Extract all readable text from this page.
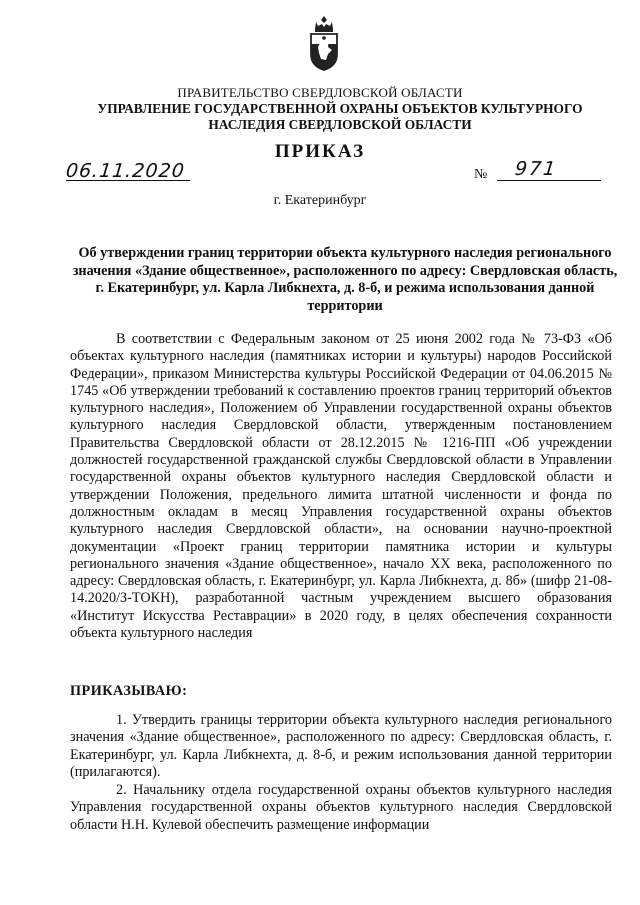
ПРАВИТЕЛЬСТВО СВЕРДЛОВСКОЙ ОБЛАСТИ
УПРАВЛЕНИЕ ГОСУДАРСТВЕННОЙ ОХРАНЫ ОБЪЕКТОВ КУЛЬТУРНОГО НАСЛЕДИЯ СВЕРДЛОВСКОЙ ОБЛАСТИ
ПРИКАЗ
06.11.2020	№ 971
г. Екатеринбург
Об утверждении границ территории объекта культурного наследия регионального значения «Здание общественное», расположенного по адресу: Свердловская область, г. Екатеринбург, ул. Карла Либкнехта, д. 8-б, и режима использования данной территории
В соответствии с Федеральным законом от 25 июня 2002 года № 73-ФЗ «Об объектах культурного наследия (памятниках истории и культуры) народов Российской Федерации», приказом Министерства культуры Российской Федерации от 04.06.2015 № 1745 «Об утверждении требований к составлению проектов границ территорий объектов культурного наследия», Положением об Управлении государственной охраны объектов культурного наследия Свердловской области, утвержденным постановлением Правительства Свердловской области от 28.12.2015 № 1216-ПП «Об учреждении должностей государственной гражданской службы Свердловской области в Управлении государственной охраны объектов культурного наследия Свердловской области и утверждении Положения, предельного лимита штатной численности и фонда по должностным окладам в месяц Управления государственной охраны объектов культурного наследия Свердловской области», на основании научно-проектной документации «Проект границ территории памятника истории и культуры регионального значения «Здание общественное», начало XX века, расположенного по адресу: Свердловская область, г. Екатеринбург, ул. Карла Либкнехта, д. 8б» (шифр 21-08-14.2020/З-ТОКН), разработанной частным учреждением высшего образования «Институт Искусства Реставрации» в 2020 году, в целях обеспечения сохранности объекта культурного наследия
ПРИКАЗЫВАЮ:
1. Утвердить границы территории объекта культурного наследия регионального значения «Здание общественное», расположенного по адресу: Свердловская область, г. Екатеринбург, ул. Карла Либкнехта, д. 8-б, и режим использования данной территории (прилагаются).
2. Начальнику отдела государственной охраны объектов культурного наследия Управления государственной охраны объектов культурного наследия Свердловской области Н.Н. Кулевой обеспечить размещение информации
